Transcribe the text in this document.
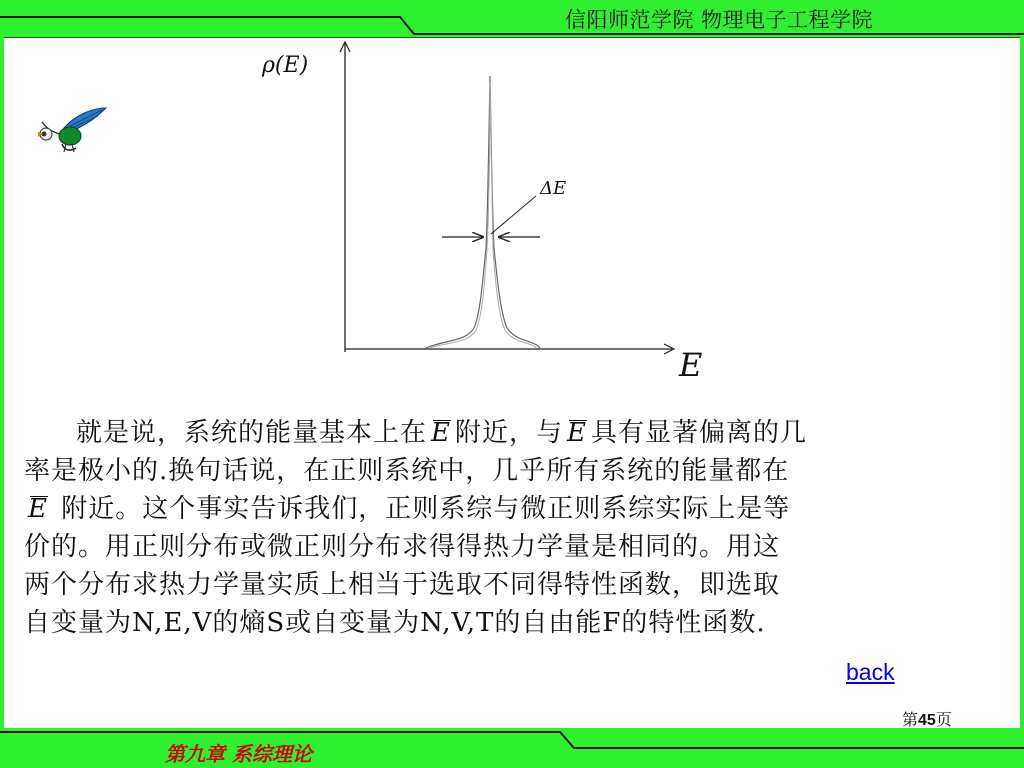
信阳师范学院 物理电子工程学院
ρ(E)
ΔE
E
back
第45页
就是说，系统的能量基本上在 E 附近，与 E 具有显著偏离的几
率是极小的.换句话说，在正则系统中，几乎所有系统的能量都在
E 附近。这个事实告诉我们，正则系综与微正则系综实际上是等
价的。用正则分布或微正则分布求得得热力学量是相同的。用这
两个分布求热力学量实质上相当于选取不同得特性函数，即选取
自变量为N,E,V的熵S或自变量为N,V,T的自由能F的特性函数.
第九章 系综理论
